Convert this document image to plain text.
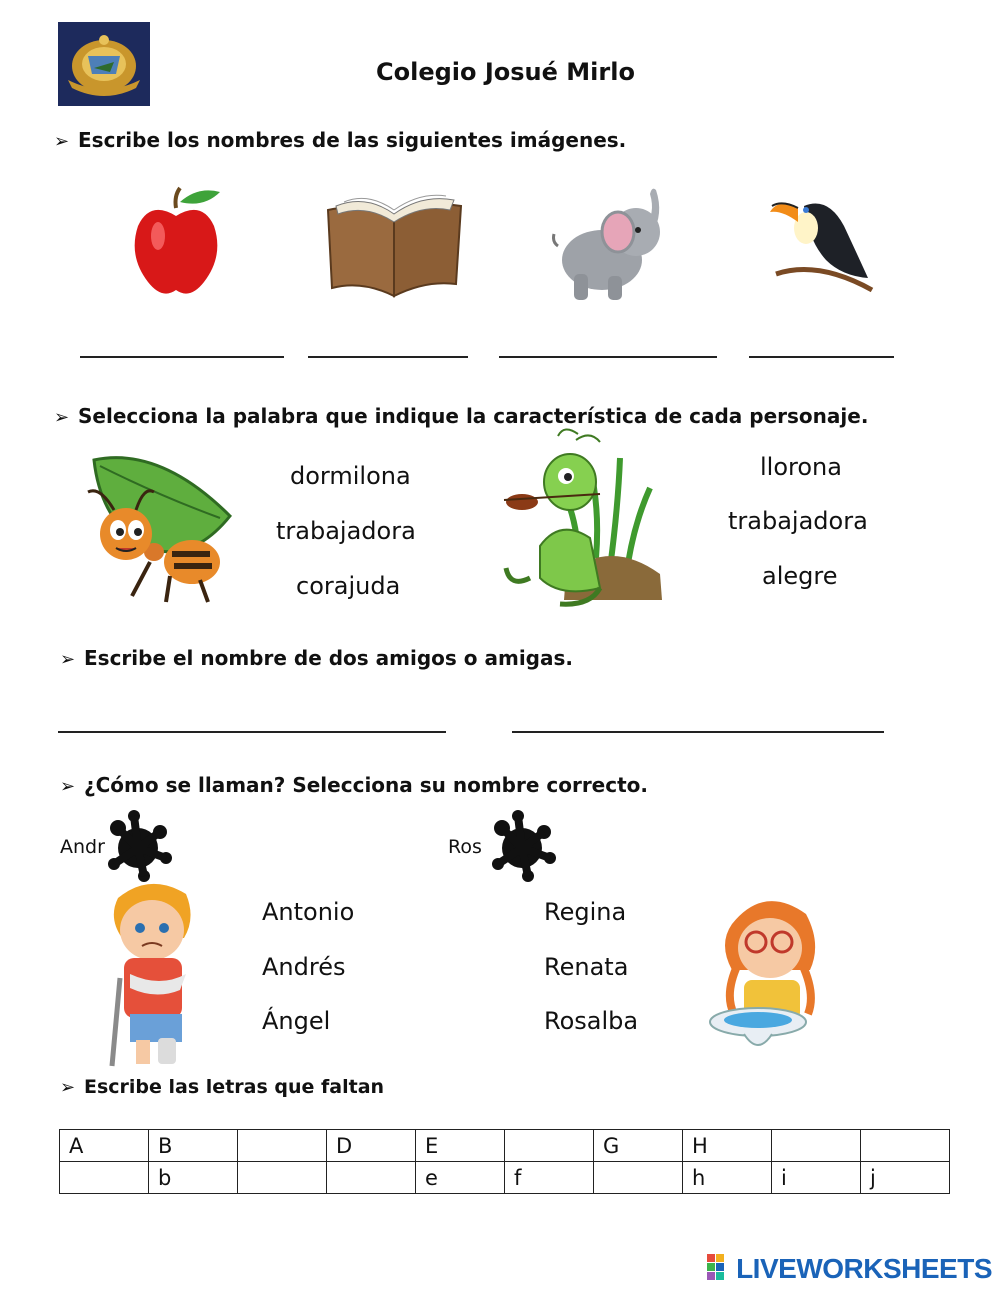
Colegio Josué Mirlo
➢ Escribe los nombres de las siguientes imágenes.
➢ Selecciona la palabra que indique la característica de cada personaje.
dormilona
trabajadora
corajuda
llorona
trabajadora
alegre
➢ Escribe el nombre de dos amigos o amigas.
➢ ¿Cómo se llaman? Selecciona su nombre correcto.
Andr	Ros
Antonio
Andrés
Ángel
Regina
Renata
Rosalba
➢ Escribe las letras que faltan
A	B		D	E		G	H		
	b			e	f		h	i	j
LIVEWORKSHEETS
